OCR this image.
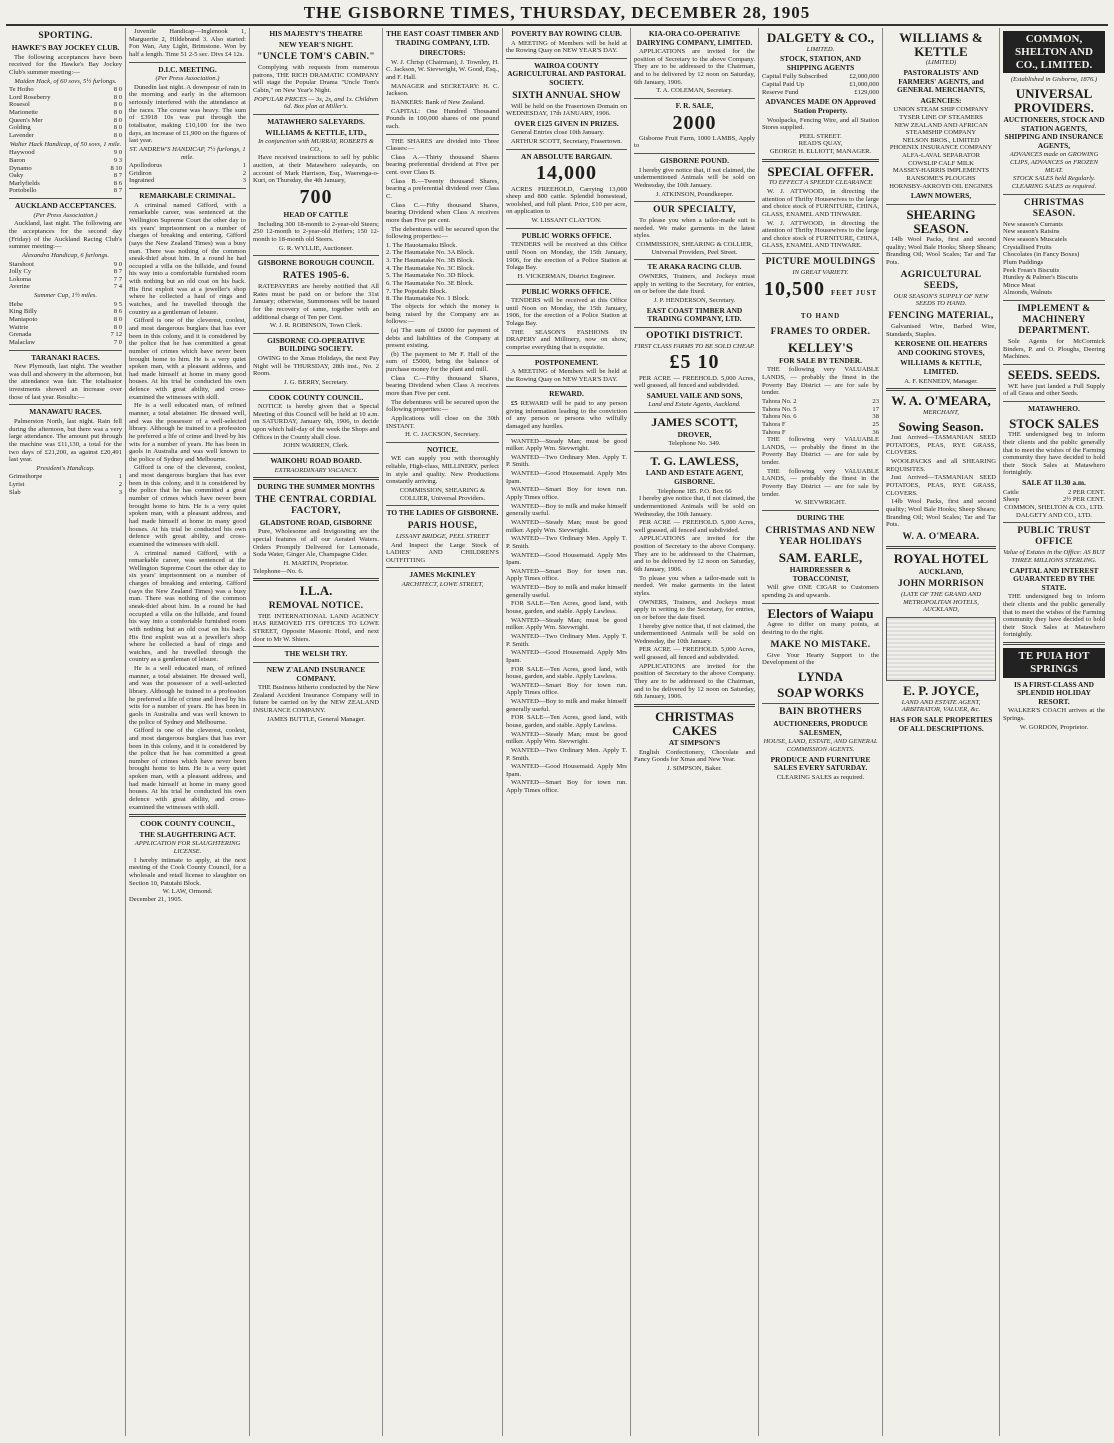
THE GISBORNE TIMES, THURSDAY, DECEMBER 28, 1905
SPORTING.
HAWKE'S BAY JOCKEY CLUB.
The following acceptances have been received for the Hawke's Bay Jockey Club's summer meeting:—
Maiden Hack, of 60 sovs, 5½ furlongs.
Te Hoiho	8 0
Lord Roseberry	8 0
Rosesol	8 0
Marionette	8 0
Queen's Mer	8 0
Golding	8 0
Lavender	8 0
Walter Hack Handicap, of 50 sovs, 1 mile.
Haywood	9 0
Baron	9 3
Dynamo	8 10
Oaky	8 7
Marlyfields	8 6
Portobello	8 7
AUCKLAND ACCEPTANCES.
(Per Press Association.)
Auckland, last night. The following are the acceptances for the second day (Friday) of the Auckland Racing Club's summer meeting:—
Alexandra Handicap, 6 furlongs.
Starshoot	9 0
Jolly Cy	8 7
Lokoma	7 7
Averine	7 4
Summer Cup, 1½ miles.
Hebe	9 5
King Billy	8 6
Maniapoto	8 0
Waitrie	8 0
Grenada	7 12
Malaclaw	7 0
TARANAKI RACES.
New Plymouth, last night. The weather was dull and showery in the afternoon, but the attendance was fair. The totalisator investments showed an increase over those of last year. Results:—
MANAWATU RACES.
Palmerston North, last night. Rain fell during the afternoon, but there was a very large attendance. The amount put through the machine was £11,130, a total for the two days of £21,200, as against £20,491 last year.
President's Handicap.
Grimsthorpe	1
Lyrist	2
Slab	3
Juvenile Handicap—Inglenook 1, Marguerite 2, Hildebrand 3. Also started: Fon Wan, Any Light, Brimstone. Won by half a length. Time 51 2-5 sec. Divs £4 12s.
D.I.C. MEETING.
(Per Press Association.)
Dunedin last night. A downpour of rain in the morning and early in the afternoon seriously interfered with the attendance at the races. The course was heavy. The sum of £3918 10s was put through the totalisator, making £10,100 for the two days, an increase of £1,900 on the figures of last year.
ST. ANDREW'S HANDICAP, 7½ furlongs, 1 mile.
Apollodorus	1
Gridiron	2
Ingrained	3
REMARKABLE CRIMINAL.
A criminal named Gifford, with a remarkable career, was sentenced at the Wellington Supreme Court the other day to six years' imprisonment on a number of charges of breaking and entering. Gifford (says the New Zealand Times) was a busy man. There was nothing of the common sneak-thief about him. In a round he had occupied a villa on the hillside, and found his way into a comfortable furnished room with nothing but an old coat on his back. His first exploit was at a jeweller's shop where he collected a haul of rings and watches, and he travelled through the country as a gentleman of leisure.
Gifford is one of the cleverest, coolest, and most dangerous burglars that has ever been in this colony, and it is considered by the police that he has committed a great number of crimes which have never been brought home to him. He is a very quiet spoken man, with a pleasant address, and had made himself at home in many good houses. At his trial he conducted his own defence with great ability, and cross-examined the witnesses with skill.
He is a well educated man, of refined manner, a total abstainer. He dressed well, and was the possessor of a well-selected library. Although he trained to a profession he preferred a life of crime and lived by his wits for a number of years. He has been in gaols in Australia and was well known to the police of Sydney and Melbourne.
Gifford is one of the cleverest, coolest, and most dangerous burglars that has ever been in this colony, and it is considered by the police that he has committed a great number of crimes which have never been brought home to him. He is a very quiet spoken man, with a pleasant address, and had made himself at home in many good houses. At his trial he conducted his own defence with great ability, and cross-examined the witnesses with skill.
A criminal named Gifford, with a remarkable career, was sentenced at the Wellington Supreme Court the other day to six years' imprisonment on a number of charges of breaking and entering. Gifford (says the New Zealand Times) was a busy man. There was nothing of the common sneak-thief about him. In a round he had occupied a villa on the hillside, and found his way into a comfortable furnished room with nothing but an old coat on his back. His first exploit was at a jeweller's shop where he collected a haul of rings and watches, and he travelled through the country as a gentleman of leisure.
He is a well educated man, of refined manner, a total abstainer. He dressed well, and was the possessor of a well-selected library. Although he trained to a profession he preferred a life of crime and lived by his wits for a number of years. He has been in gaols in Australia and was well known to the police of Sydney and Melbourne.
Gifford is one of the cleverest, coolest, and most dangerous burglars that has ever been in this colony, and it is considered by the police that he has committed a great number of crimes which have never been brought home to him. He is a very quiet spoken man, with a pleasant address, and had made himself at home in many good houses. At his trial he conducted his own defence with great ability, and cross-examined the witnesses with skill.
COOK COUNTY COUNCIL,
THE SLAUGHTERING ACT.
APPLICATION FOR SLAUGHTERING LICENSE.
I hereby intimate to apply, at the next meeting of the Cook County Council, for a wholesale and retail license to slaughter on Section 10, Patutahi Block.
W. LAW, Ormond.
December 21, 1905.
HIS MAJESTY'S THEATRE
NEW YEAR'S NIGHT.
"UNCLE TOM'S CABIN."
Complying with requests from numerous patrons, THE RICH DRAMATIC COMPANY will stage the Popular Drama "Uncle Tom's Cabin," on New Year's Night.
POPULAR PRICES — 3s, 2s, and 1s. Children 6d. Box plan at Miller's.
MATAWHERO SALEYARDS.
WILLIAMS & KETTLE, LTD.,
In conjunction with MURRAY, ROBERTS & CO.,
Have received instructions to sell by public auction, at their Matawhero saleyards, on account of Mark Harrison, Esq., Waerenga-o-Kuri, on Thursday, the 4th January,
700
HEAD OF CATTLE
Including 300 18-month to 2-year-old Steers; 250 12-month to 2-year-old Heifers; 150 12-month to 18-month old Steers.
G. R. WYLLIE, Auctioneer.
GISBORNE BOROUGH COUNCIL
RATES 1905-6.
RATEPAYERS are hereby notified that All Rates must be paid on or before the 31st January; otherwise, Summonses will be issued for the recovery of same, together with an additional charge of Ten per Cent.
W. J. R. ROBINSON, Town Clerk.
GISBORNE CO-OPERATIVE BUILDING SOCIETY.
OWING to the Xmas Holidays, the next Pay Night will be THURSDAY, 28th inst., No. 2 Room.
J. G. BERRY, Secretary.
COOK COUNTY COUNCIL.
NOTICE is hereby given that a Special Meeting of this Council will be held at 10 a.m. on SATURDAY, January 6th, 1906, to decide upon which half-day of the week the Shops and Offices in the County shall close.
JOHN WARREN, Clerk.
WAIKOHU ROAD BOARD.
EXTRAORDINARY VACANCY.
DURING THE SUMMER MONTHS
THE CENTRAL CORDIAL FACTORY,
GLADSTONE ROAD, GISBORNE
Pure, Wholesome and Invigorating are the special features of all our Aerated Waters. Orders Promptly Delivered for Lemonade, Soda Water, Ginger Ale, Champagne Cider.
H. MARTIN, Proprietor.
Telephone—No. 6.
I.L.A.
REMOVAL NOTICE.
THE INTERNATIONAL LAND AGENCY HAS REMOVED ITS OFFICES TO LOWE STREET, Opposite Masonic Hotel, and next door to Mr W. Shiers.
THE WELSH TRY.
NEW Z'ALAND INSURANCE COMPANY.
THE Business hitherto conducted by the New Zealand Accident Insurance Company will in future be carried on by the NEW ZEALAND INSURANCE COMPANY.
JAMES BUTTLE, General Manager.
THE EAST COAST TIMBER AND TRADING COMPANY, LTD.
DIRECTORS:
W. J. Chrisp (Chairman), J. Townley, H. C. Jackson, W. Sievwright, W. Good, Esq., and F. Hall.
MANAGER and SECRETARY: H. C. Jackson.
BANKERS: Bank of New Zealand.
CAPITAL: One Hundred Thousand Pounds in 100,000 shares of one pound each.
THE SHARES are divided into Three Classes:—
Class A.—Thirty thousand Shares bearing preferential dividend at Five per cent. over Class B.
Class B.—Twenty thousand Shares, bearing a preferential dividend over Class C.
Class C.—Fifty thousand Shares, bearing Dividend when Class A receives more than Five per cent.
The debentures will be secured upon the following properties:—
1. The Hauotamaku Block.
2. The Haumatake No. 3A Block.
3. The Haumatake No. 3B Block.
4. The Haumatake No. 3C Block.
5. The Haumatake No. 3D Block.
6. The Haumatake No. 3E Block.
7. The Poputahi Block.
8. The Haumatake No. 1 Block.
The objects for which the money is being raised by the Company are as follows:—
(a) The sum of £6000 for payment of debts and liabilities of the Company at present existing.
(b) The payment to Mr F. Hall of the sum of £5000, being the balance of purchase money for the plant and mill.
Class C.—Fifty thousand Shares, bearing Dividend when Class A receives more than Five per cent.
The debentures will be secured upon the following properties:—
Applications will close on the 30th INSTANT.
H. C. JACKSON, Secretary.
NOTICE.
WE can supply you with thoroughly reliable, High-class, MILLINERY, perfect in style and quality. New Productions constantly arriving.
COMMISSION, SHEARING & COLLIER, Universal Providers.
TO THE LADIES OF GISBORNE.
PARIS HOUSE,
LISSANT BRIDGE, PEEL STREET
And Inspect the Large Stock of LADIES' AND CHILDREN'S OUTFITTING
JAMES McKINLEY
ARCHITECT, LOWE STREET,
POVERTY BAY ROWING CLUB.
A MEETING of Members will be held at the Rowing Quay on NEW YEAR'S DAY.
WAIROA COUNTY AGRICULTURAL AND PASTORAL SOCIETY.
SIXTH ANNUAL SHOW
Will be held on the Frasertown Domain on WEDNESDAY, 17th JANUARY, 1906.
OVER £125 GIVEN IN PRIZES.
General Entries close 10th January.
ARTHUR SCOTT, Secretary, Frasertown.
AN ABSOLUTE BARGAIN.
14,000
ACRES FREEHOLD, Carrying 13,000 sheep and 800 cattle. Splendid homestead, woolshed, and full plant. Price, £10 per acre, on application to
W. LISSANT CLAYTON.
PUBLIC WORKS OFFICE.
TENDERS will be received at this Office until Noon on Monday, the 15th January, 1906, for the erection of a Police Station at Tolaga Bay.
H. VICKERMAN, District Engineer.
PUBLIC WORKS OFFICE.
TENDERS will be received at this Office until Noon on Monday, the 15th January, 1906, for the erection of a Police Station at Tolaga Bay.
THE SEASON'S FASHIONS IN DRAPERY and Millinery, now on show, comprise everything that is exquisite.
POSTPONEMENT.
A MEETING of Members will be held at the Rowing Quay on NEW YEAR'S DAY.
REWARD.
£5 REWARD will be paid to any person giving information leading to the conviction of any person or persons who wilfully damaged any hurdles.
WANTED—Steady Man; must be good milker. Apply Wm. Sievwright.
WANTED—Two Ordinary Men. Apply T. P. Smith.
WANTED—Good Housemaid. Apply Mrs Ipam.
WANTED—Smart Boy for town run. Apply Times office.
WANTED—Boy to milk and make himself generally useful.
WANTED—Steady Man; must be good milker. Apply Wm. Sievwright.
WANTED—Two Ordinary Men. Apply T. P. Smith.
WANTED—Good Housemaid. Apply Mrs Ipam.
WANTED—Smart Boy for town run. Apply Times office.
WANTED—Boy to milk and make himself generally useful.
FOR SALE—Ten Acres, good land, with house, garden, and stable. Apply Lawless.
WANTED—Steady Man; must be good milker. Apply Wm. Sievwright.
WANTED—Two Ordinary Men. Apply T. P. Smith.
WANTED—Good Housemaid. Apply Mrs Ipam.
FOR SALE—Ten Acres, good land, with house, garden, and stable. Apply Lawless.
WANTED—Smart Boy for town run. Apply Times office.
WANTED—Boy to milk and make himself generally useful.
FOR SALE—Ten Acres, good land, with house, garden, and stable. Apply Lawless.
WANTED—Steady Man; must be good milker. Apply Wm. Sievwright.
WANTED—Two Ordinary Men. Apply T. P. Smith.
WANTED—Good Housemaid. Apply Mrs Ipam.
WANTED—Smart Boy for town run. Apply Times office.
KIA-ORA CO-OPERATIVE DAIRYING COMPANY, LIMITED.
APPLICATIONS are invited for the position of Secretary to the above Company. They are to be addressed to the Chairman, and to be delivered by 12 noon on Saturday, 6th January, 1906.
T. A. COLEMAN, Secretary.
F. R. SALE,
2000
Gisborne Fruit Farm, 1000 LAMBS, Apply to
GISBORNE POUND.
I hereby give notice that, if not claimed, the undermentioned Animals will be sold on Wednesday, the 10th January.
J. ATKINSON, Poundkeeper.
OUR SPECIALTY,
To please you when a tailor-made suit is needed. We make garments in the latest styles.
COMMISSION, SHEARING & COLLIER, Universal Providers, Peel Street.
TE ARAKA RACING CLUB.
OWNERS, Trainers, and Jockeys must apply in writing to the Secretary, for entries, on or before the date fixed.
J. P. HENDERSON, Secretary.
EAST COAST TIMBER AND TRADING COMPANY, LTD.
OPOTIKI DISTRICT.
FIRST CLASS FARMS TO BE SOLD CHEAP.
£5 10
PER ACRE — FREEHOLD. 5,000 Acres, well grassed, all fenced and subdivided.
SAMUEL VAILE AND SONS,
Land and Estate Agents, Auckland.
JAMES SCOTT,
DROVER,
Telephone No. 349.
T. G. LAWLESS,
LAND AND ESTATE AGENT, GISBORNE.
Telephone 185. P.O. Box 66
I hereby give notice that, if not claimed, the undermentioned Animals will be sold on Wednesday, the 10th January.
PER ACRE — FREEHOLD. 5,000 Acres, well grassed, all fenced and subdivided.
APPLICATIONS are invited for the position of Secretary to the above Company. They are to be addressed to the Chairman, and to be delivered by 12 noon on Saturday, 6th January, 1906.
To please you when a tailor-made suit is needed. We make garments in the latest styles.
OWNERS, Trainers, and Jockeys must apply in writing to the Secretary, for entries, on or before the date fixed.
I hereby give notice that, if not claimed, the undermentioned Animals will be sold on Wednesday, the 10th January.
PER ACRE — FREEHOLD. 5,000 Acres, well grassed, all fenced and subdivided.
APPLICATIONS are invited for the position of Secretary to the above Company. They are to be addressed to the Chairman, and to be delivered by 12 noon on Saturday, 6th January, 1906.
CHRISTMAS CAKES
AT SIMPSON'S
English Confectionery, Chocolate and Fancy Goods for Xmas and New Year.
J. SIMPSON, Baker.
DALGETY & CO.,
LIMITED.
STOCK, STATION, AND SHIPPING AGENTS
Capital Fully Subscribed	£2,000,000
Capital Paid Up	£1,000,000
Reserve Fund	£129,000
ADVANCES MADE ON Approved Station Property.
Woolpacks, Fencing Wire, and all Station Stores supplied.
PEEL STREET.
READ'S QUAY,
GEORGE H. ELLIOTT, MANAGER.
SPECIAL OFFER.
TO EFFECT A SPEEDY CLEARANCE
W. J. ATTWOOD, in directing the attention of Thrifty Housewives to the large and choice stock of FURNITURE, CHINA, GLASS, ENAMEL AND TINWARE.
W. J. ATTWOOD, in directing the attention of Thrifty Housewives to the large and choice stock of FURNITURE, CHINA, GLASS, ENAMEL AND TINWARE.
PICTURE MOULDINGS
IN GREAT VARIETY.
10,500 FEET JUST TO HAND
FRAMES TO ORDER.
KELLEY'S
FOR SALE BY TENDER.
THE following very VALUABLE LANDS, — probably the finest in the Poverty Bay District — are for sale by tender.
Tahora No. 2	23
Tahora No. 5	17
Tahora No. 6	38
Tahora F	25
Tahora F	36
THE following very VALUABLE LANDS, — probably the finest in the Poverty Bay District — are for sale by tender.
THE following very VALUABLE LANDS, — probably the finest in the Poverty Bay District — are for sale by tender.
W. SIEVWRIGHT.
DURING THE
CHRISTMAS AND NEW YEAR HOLIDAYS
SAM. EARLE,
HAIRDRESSER & TOBACCONIST,
Will give ONE CIGAR to Customers spending 2s and upwards.
Electors of Waiapu
Agree to differ on many points, at desiring to do the right.
MAKE NO MISTAKE.
Give Your Hearty Support to the Development of the
LYNDA
SOAP WORKS
BAIN BROTHERS
AUCTIONEERS, PRODUCE SALESMEN,
HOUSE, LAND, ESTATE, AND GENERAL COMMISSION AGENTS.
PRODUCE AND FURNITURE SALES EVERY SATURDAY.
CLEARING SALES as required.
WILLIAMS & KETTLE
(LIMITED)
PASTORALISTS' AND FARMERS' AGENTS, and GENERAL MERCHANTS,
AGENCIES:
UNION STEAM SHIP COMPANY
TYSER LINE OF STEAMERS
NEW ZEALAND AND AFRICAN STEAMSHIP COMPANY
NELSON BROS., LIMITED
PHOENIX INSURANCE COMPANY
ALFA-LAVAL SEPARATOR
COWSLIP CALF MILK
MASSEY-HARRIS IMPLEMENTS
RANSOME'S PLOUGHS
HORNSBY-AKROYD OIL ENGINES
LAWN MOWERS,
SHEARING SEASON.
14lb Wool Packs, first and second quality; Wool Bale Hooks; Sheep Shears; Branding Oil; Wool Scales; Tar and Tar Pots.
AGRICULTURAL SEEDS,
OUR SEASON'S SUPPLY OF NEW SEEDS TO HAND.
FENCING MATERIAL,
Galvanised Wire, Barbed Wire, Standards, Staples.
KEROSENE OIL HEATERS AND COOKING STOVES,
WILLIAMS & KETTLE, LIMITED.
A. F. KENNEDY, Manager.
W. A. O'MEARA,
MERCHANT,
Sowing Season.
Just Arrived—TASMANIAN SEED POTATOES, PEAS, RYE GRASS, CLOVERS.
WOOLPACKS and all SHEARING REQUISITES.
Just Arrived—TASMANIAN SEED POTATOES, PEAS, RYE GRASS, CLOVERS.
14lb Wool Packs, first and second quality; Wool Bale Hooks; Sheep Shears; Branding Oil; Wool Scales; Tar and Tar Pots.
W. A. O'MEARA.
ROYAL HOTEL
AUCKLAND,
JOHN MORRISON
(LATE OF THE GRAND AND METROPOLITAN HOTELS, AUCKLAND,
E. P. JOYCE,
LAND AND ESTATE AGENT, ARBITRATOR, VALUER, &c.
HAS FOR SALE PROPERTIES OF ALL DESCRIPTIONS.
COMMON, SHELTON AND CO., LIMITED.
(Established in Gisborne, 1876.)
UNIVERSAL PROVIDERS.
AUCTIONEERS, STOCK AND STATION AGENTS, SHIPPING AND INSURANCE AGENTS,
ADVANCES made on GROWING CLIPS, ADVANCES on FROZEN MEAT.
STOCK SALES held Regularly. CLEARING SALES as required.
CHRISTMAS SEASON.
New season's Currants
New season's Raisins
New season's Muscatels
Crystallised Fruits
Chocolates (in Fancy Boxes)
Plum Puddings
Peek Frean's Biscuits
Huntley & Palmer's Biscuits
Mince Meat
Almonds, Walnuts
IMPLEMENT & MACHINERY DEPARTMENT.
Sole Agents for McCormick Binders, P. and O. Ploughs, Deering Machines.
SEEDS. SEEDS.
WE have just landed a Full Supply of all Grass and other Seeds.
MATAWHERO.
STOCK SALES
THE undersigned beg to inform their clients and the public generally that to meet the wishes of the Farming community they have decided to hold their Stock Sales at Matawhero fortnightly.
SALE AT 11.30 a.m.
Cattle	2 PER CENT.
Sheep	2½ PER CENT.
COMMON, SHELTON & CO., LTD. DALGETY AND CO., LTD.
PUBLIC TRUST OFFICE
Value of Estates in the Office: AS BUT THREE MILLIONS STERLING.
CAPITAL AND INTEREST GUARANTEED BY THE STATE.
THE undersigned beg to inform their clients and the public generally that to meet the wishes of the Farming community they have decided to hold their Stock Sales at Matawhero fortnightly.
TE PUIA HOT SPRINGS
IS A FIRST-CLASS AND SPLENDID HOLIDAY RESORT.
WALKER'S COACH arrives at the Springs.
W. GORDON, Proprietor.
